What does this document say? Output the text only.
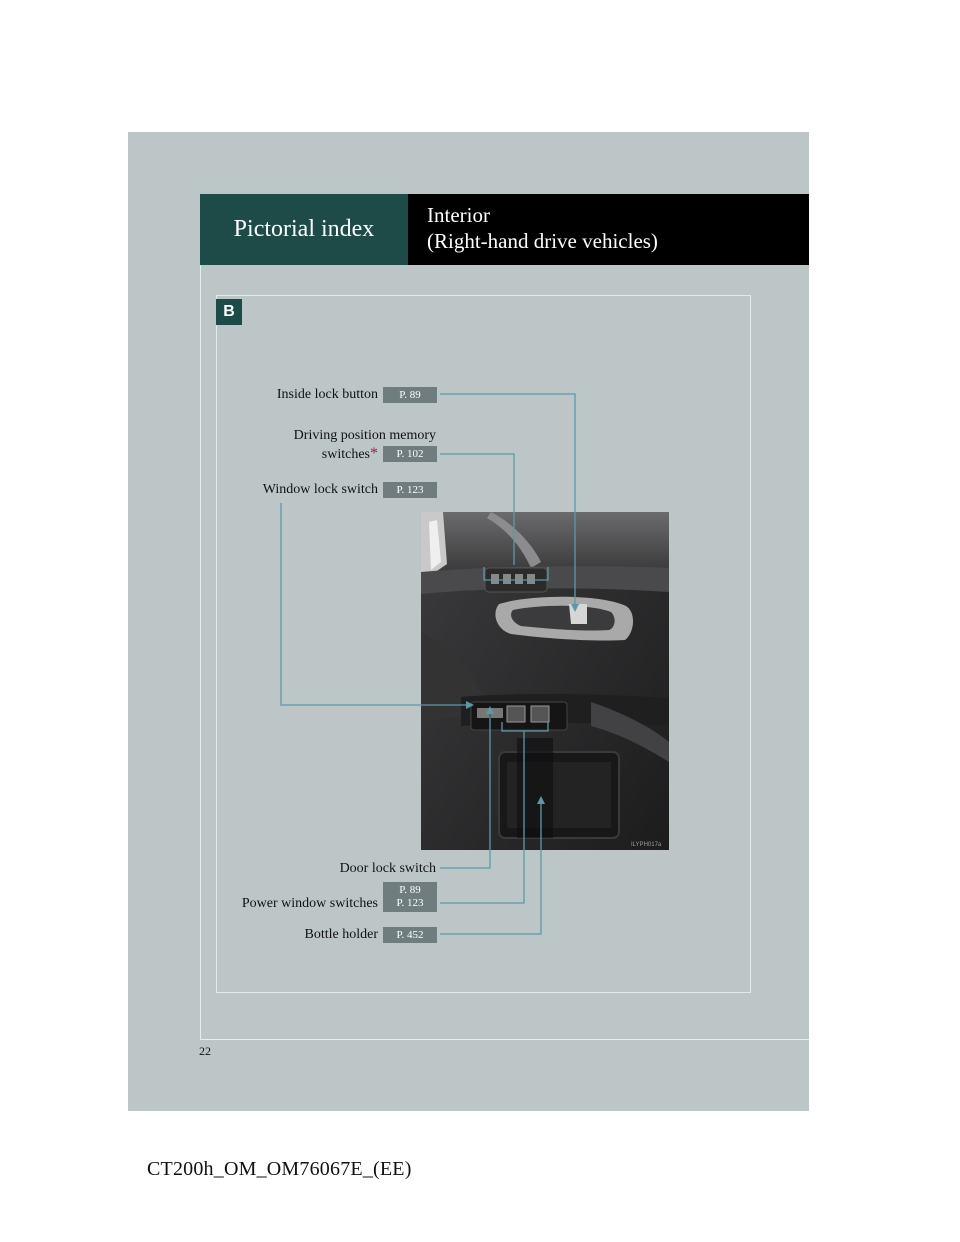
Pictorial index
Interior
(Right-hand drive vehicles)
B
Inside lock button P. 89
Driving position memory
switches* P. 102
Window lock switch P. 123
ILYPH017a
Door lock switch
Power window switches
P. 89
P. 123
Bottle holder P. 452
22
CT200h_OM_OM76067E_(EE)
